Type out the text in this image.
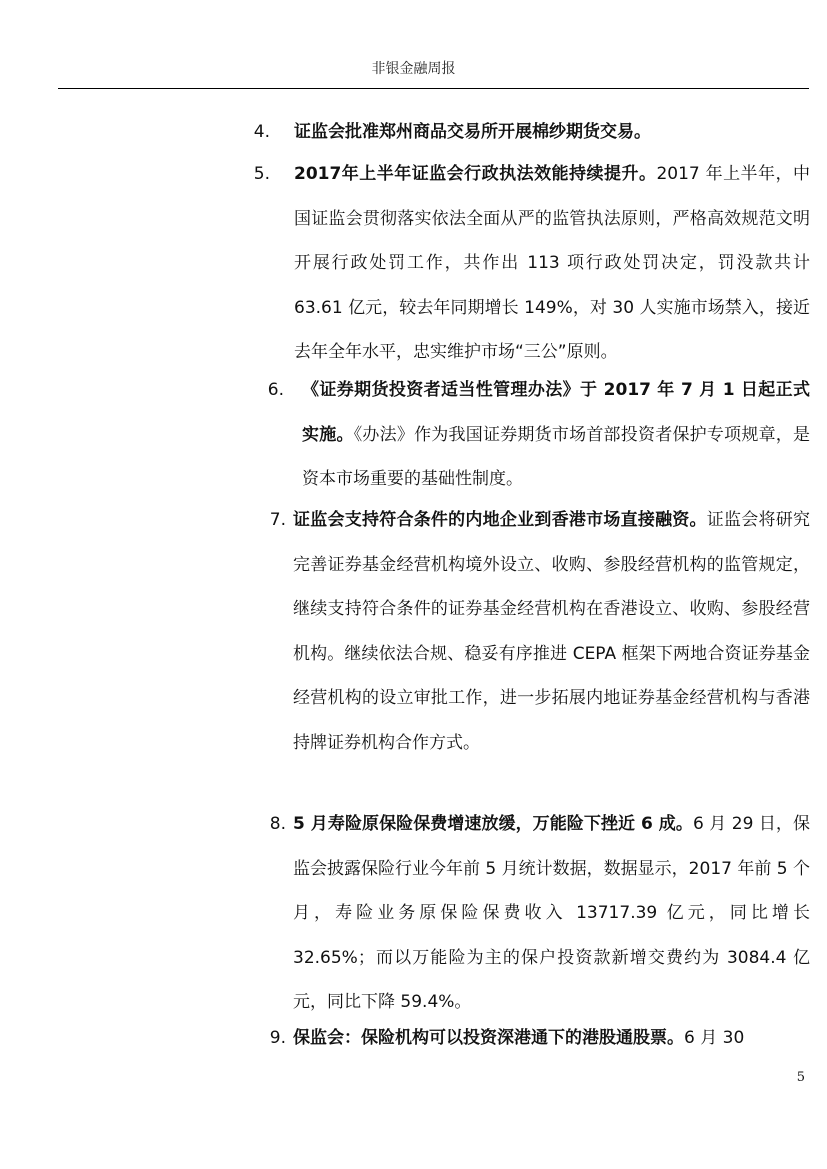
非银金融周报
4. 证监会批准郑州商品交易所开展棉纱期货交易。
5. 2017年上半年证监会行政执法效能持续提升。2017 年上半年，中国证监会贯彻落实依法全面从严的监管执法原则，严格高效规范文明开展行政处罚工作，共作出 113 项行政处罚决定，罚没款共计 63.61 亿元，较去年同期增长 149%，对 30 人实施市场禁入，接近去年全年水平，忠实维护市场“三公”原则。
6. 《证券期货投资者适当性管理办法》于 2017 年 7 月 1 日起正式实施。《办法》作为我国证券期货市场首部投资者保护专项规章，是资本市场重要的基础性制度。
7. 证监会支持符合条件的内地企业到香港市场直接融资。证监会将研究完善证券基金经营机构境外设立、收购、参股经营机构的监管规定，继续支持符合条件的证券基金经营机构在香港设立、收购、参股经营机构。继续依法合规、稳妥有序推进 CEPA 框架下两地合资证券基金经营机构的设立审批工作，进一步拓展内地证券基金经营机构与香港持牌证券机构合作方式。
8. 5 月寿险原保险保费增速放缓，万能险下挫近 6 成。6 月 29 日，保监会披露保险行业今年前 5 月统计数据，数据显示，2017 年前 5 个月，寿险业务原保险保费收入 13717.39 亿元，同比增长 32.65%；而以万能险为主的保户投资款新增交费约为 3084.4 亿元，同比下降 59.4%。
9. 保监会：保险机构可以投资深港通下的港股通股票。6 月 30
5
